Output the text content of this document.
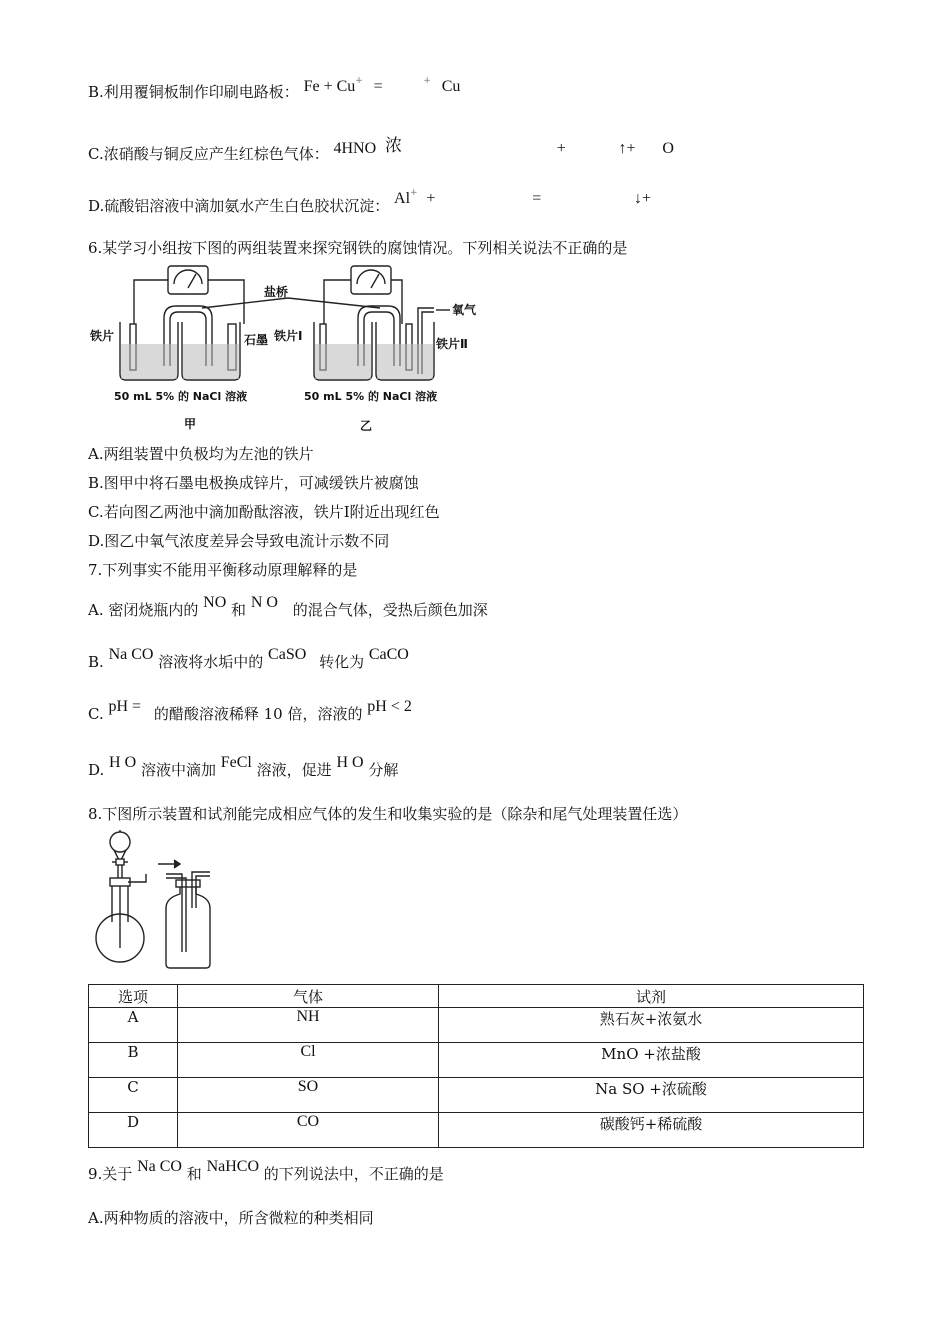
B.利用覆铜板制作印刷电路板： Fe + Cu+ =	+ Cu
C.浓硝酸与铜反应产生红棕色气体： 4HNO 浓	+	↑+ O
D.硫酸铝溶液中滴加氨水产生白色胶状沉淀： Al+ +	=	↓+
6.某学习小组按下图的两组装置来探究钢铁的腐蚀情况。下列相关说法不正确的是
盐桥
氧气
铁片	石墨 铁片Ⅰ
铁片Ⅱ
50 mL 5% 的 NaCl 溶液	50 mL 5% 的 NaCl 溶液
甲	乙
A.两组装置中负极均为左池的铁片
B.图甲中将石墨电极换成锌片，可减缓铁片被腐蚀
C.若向图乙两池中滴加酚酞溶液，铁片Ⅰ附近出现红色
D.图乙中氧气浓度差异会导致电流计示数不同
7.下列事实不能用平衡移动原理解释的是
A. 密闭烧瓶内的 NO 和 N O 的混合气体，受热后颜色加深
B. Na CO 溶液将水垢中的 CaSO 转化为 CaCO
C. pH = 的醋酸溶液稀释 10 倍，溶液的 pH < 2
D. H O 溶液中滴加 FeCl 溶液，促进 H O 分解
8.下图所示装置和试剂能完成相应气体的发生和收集实验的是（除杂和尾气处理装置任选）
选项	气体	试剂
A	NH	熟石灰+浓氨水
B	Cl	MnO +浓盐酸
C	SO	Na SO +浓硫酸
D	CO	碳酸钙+稀硫酸
9.关于 Na CO 和 NaHCO 的下列说法中，不正确的是
A.两种物质的溶液中，所含微粒的种类相同
